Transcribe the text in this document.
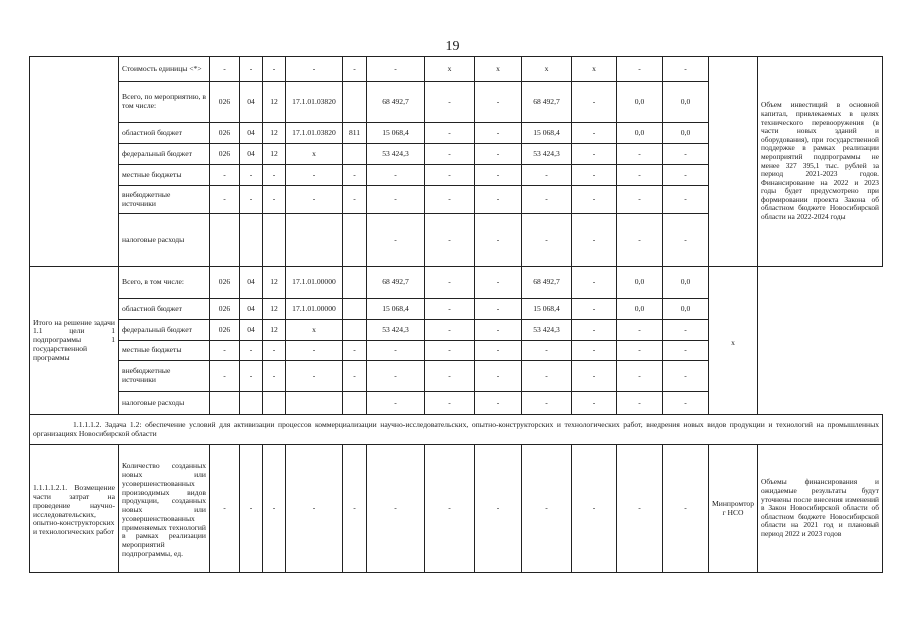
19
	Стоимость единицы <*>	-	-	-	-	-	-	x	x	x	x	-	-		Объем инвестиций в основной капитал, привлекаемых в целях технического перевооружения (в части новых зданий и оборудования), при государственной поддержке в рамках реализации мероприятий подпрограммы не менее 327 395,1 тыс. рублей за период 2021-2023 годов. Финансирование на 2022 и 2023 годы будет предусмотрено при формировании проекта Закона об областном бюджете Новосибирской области на 2022-2024 годы
	Всего, по мероприятию, в том числе:	026	04	12	17.1.01.03820		68 492,7	-	-	68 492,7	-	0,0	0,0		
	областной бюджет	026	04	12	17.1.01.03820	811	15 068,4	-	-	15 068,4	-	0,0	0,0		
	федеральный бюджет	026	04	12	x		53 424,3	-	-	53 424,3	-	-	-		
	местные бюджеты	-	-	-	-	-	-	-	-	-	-	-	-		
	внебюджетные источники	-	-	-	-	-	-	-	-	-	-	-	-		
	налоговые расходы						-	-	-	-	-	-	-		
Итого на решение задачи 1.1 цели 1 подпрограммы 1 государственной программы	Всего, в том числе:	026	04	12	17.1.01.00000		68 492,7	-	-	68 492,7	-	0,0	0,0	x	
	областной бюджет	026	04	12	17.1.01.00000		15 068,4	-	-	15 068,4	-	0,0	0,0		
	федеральный бюджет	026	04	12	x		53 424,3	-	-	53 424,3	-	-	-		
	местные бюджеты	-	-	-	-	-	-	-	-	-	-	-	-		
	внебюджетные источники	-	-	-	-	-	-	-	-	-	-	-	-		
	налоговые расходы						-	-	-	-	-	-	-		

1.1.1.1.2. Задача 1.2: обеспечение условий для активизации процессов коммерциализации научно-исследовательских, опытно-конструкторских и технологических работ, внедрения новых видов продукции и технологий на промышленных организациях Новосибирской области															

1.1.1.1.2.1. Возмещение части затрат на проведение научно-исследовательских, опытно-конструкторских и технологических работ	Количество созданных новых или усовершенствованных производимых видов продукции, созданных новых или усовершенствованных применяемых технологий в рамках реализации мероприятий подпрограммы, ед.	-	-	-	-	-	-	-	-	-	-	-	-	Минпромторг НСО	Объемы финансирования и ожидаемые результаты будут уточнены после внесения изменений в Закон Новосибирской области об областном бюджете Новосибирской области на 2021 год и плановый период 2022 и 2023 годов
